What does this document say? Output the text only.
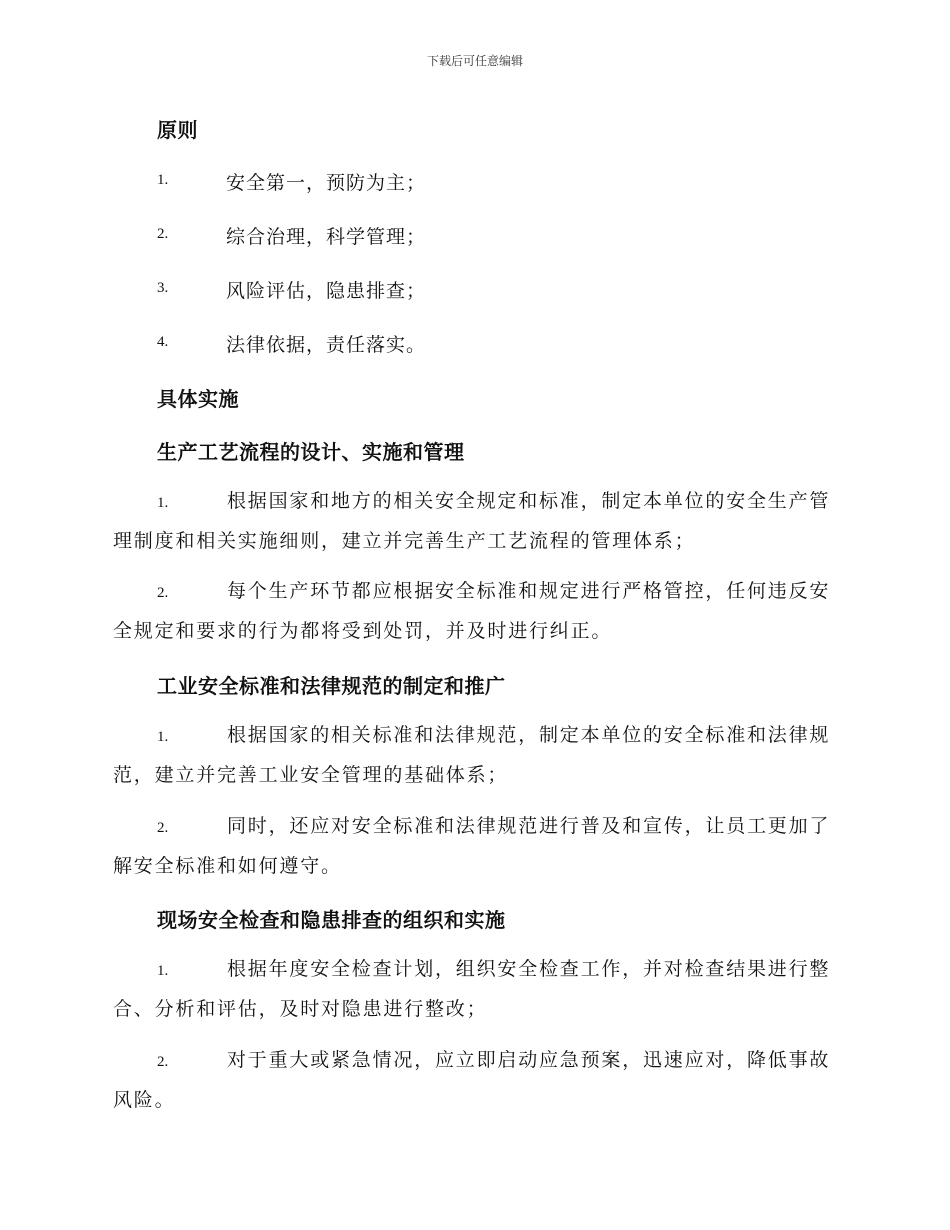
下载后可任意编辑
原则
1.	安全第一，预防为主；
2.	综合治理，科学管理；
3.	风险评估，隐患排查；
4.	法律依据，责任落实。
具体实施
生产工艺流程的设计、实施和管理
1.	根据国家和地方的相关安全规定和标准，制定本单位的安全生产管理制度和相关实施细则，建立并完善生产工艺流程的管理体系；
2.	每个生产环节都应根据安全标准和规定进行严格管控，任何违反安全规定和要求的行为都将受到处罚，并及时进行纠正。
工业安全标准和法律规范的制定和推广
1.	根据国家的相关标准和法律规范，制定本单位的安全标准和法律规范，建立并完善工业安全管理的基础体系；
2.	同时，还应对安全标准和法律规范进行普及和宣传，让员工更加了解安全标准和如何遵守。
现场安全检查和隐患排查的组织和实施
1.	根据年度安全检查计划，组织安全检查工作，并对检查结果进行整合、分析和评估，及时对隐患进行整改；
2.	对于重大或紧急情况，应立即启动应急预案，迅速应对，降低事故风险。
